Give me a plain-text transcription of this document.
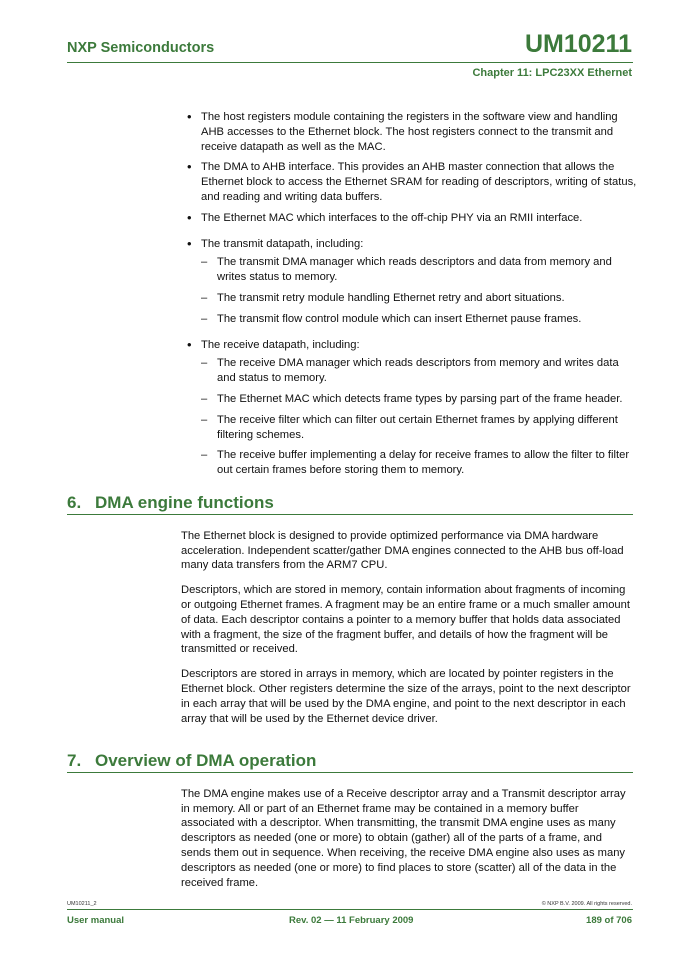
NXP Semiconductors	UM10211
Chapter 11: LPC23XX Ethernet
• The host registers module containing the registers in the software view and handling AHB accesses to the Ethernet block. The host registers connect to the transmit and receive datapath as well as the MAC.
• The DMA to AHB interface. This provides an AHB master connection that allows the Ethernet block to access the Ethernet SRAM for reading of descriptors, writing of status, and reading and writing data buffers.
• The Ethernet MAC which interfaces to the off-chip PHY via an RMII interface.
• The transmit datapath, including:
– The transmit DMA manager which reads descriptors and data from memory and writes status to memory.
– The transmit retry module handling Ethernet retry and abort situations.
– The transmit flow control module which can insert Ethernet pause frames.
• The receive datapath, including:
– The receive DMA manager which reads descriptors from memory and writes data and status to memory.
– The Ethernet MAC which detects frame types by parsing part of the frame header.
– The receive filter which can filter out certain Ethernet frames by applying different filtering schemes.
– The receive buffer implementing a delay for receive frames to allow the filter to filter out certain frames before storing them to memory.
6. DMA engine functions

The Ethernet block is designed to provide optimized performance via DMA hardware acceleration. Independent scatter/gather DMA engines connected to the AHB bus off-load many data transfers from the ARM7 CPU.

Descriptors, which are stored in memory, contain information about fragments of incoming or outgoing Ethernet frames. A fragment may be an entire frame or a much smaller amount of data. Each descriptor contains a pointer to a memory buffer that holds data associated with a fragment, the size of the fragment buffer, and details of how the fragment will be transmitted or received.

Descriptors are stored in arrays in memory, which are located by pointer registers in the Ethernet block. Other registers determine the size of the arrays, point to the next descriptor in each array that will be used by the DMA engine, and point to the next descriptor in each array that will be used by the Ethernet device driver.

7. Overview of DMA operation

The DMA engine makes use of a Receive descriptor array and a Transmit descriptor array in memory. All or part of an Ethernet frame may be contained in a memory buffer associated with a descriptor. When transmitting, the transmit DMA engine uses as many descriptors as needed (one or more) to obtain (gather) all of the parts of a frame, and sends them out in sequence. When receiving, the receive DMA engine also uses as many descriptors as needed (one or more) to find places to store (scatter) all of the data in the received frame.

UM10211_2	© NXP B.V. 2009. All rights reserved.
User manual	Rev. 02 — 11 February 2009	189 of 706
